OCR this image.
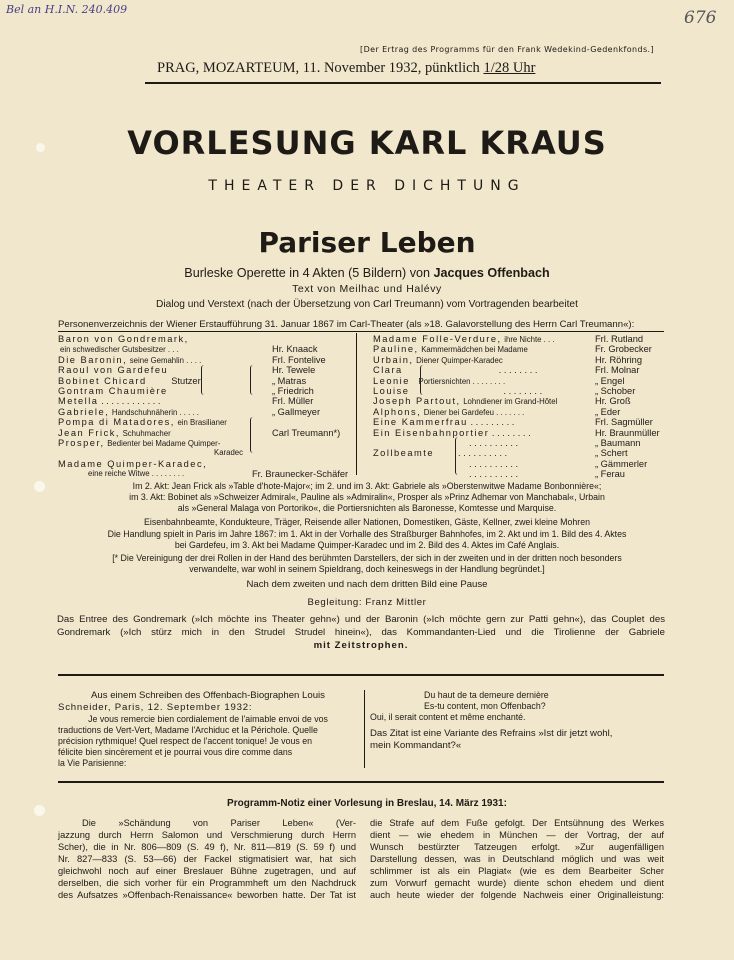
Bel an H.I.N. 240.409	676
[Der Ertrag des Programms für den Frank Wedekind-Gedenkfonds.]
PRAG, MOZARTEUM, 11. November 1932, pünktlich 1/28 Uhr
VORLESUNG KARL KRAUS
THEATER DER DICHTUNG
Pariser Leben
Burleske Operette in 4 Akten (5 Bildern) von Jacques Offenbach
Text von Meilhac und Halévy
Dialog und Verstext (nach der Übersetzung von Carl Treumann) vom Vortragenden bearbeitet
Personenverzeichnis der Wiener Erstaufführung 31. Januar 1867 im Carl-Theater (als »18. Galavorstellung des Herrn Carl Treumann«):
Baron von Gondremark,
ein schwedischer Gutsbesitzer . . .	Hr. Knaack
Die Baronin, seine Gemahlin . . . .	Frl. Fontelive
Raoul von Gardefeu	Hr. Tewele
Bobinet Chicard	Stutzer	„ Matras
Gontram Chaumière	„ Friedrich
Metella . . . . . . . . . . . .	Frl. Müller
Gabriele, Handschuhnäherin . . . . .	„ Gallmeyer
Pompa di Matadores, ein Brasilianer
Jean Frick, Schuhmacher	Carl Treumann*)
Prosper, Bedienter bei Madame Quimper-
Karadec
Madame Quimper-Karadec,
eine reiche Witwe . . . . . . . .	Fr. Braunecker-Schäfer
Madame Folle-Verdure, ihre Nichte . . .	Frl. Rutland
Pauline, Kammermädchen bei Madame	Fr. Grobecker
Urbain, Diener Quimper-Karadec	Hr. Röhring
Clara	. . . . . . . .	Frl. Molnar
Leonie Portiersnichten . . . . . . . .	„ Engel
Louise	. . . . . . . .	„ Schober
Joseph Partout, Lohndiener im Grand-Hôtel	Hr. Groß
Alphons, Diener bei Gardefeu . . . . . . .	„ Eder
Eine Kammerfrau . . . . . . . . .	Frl. Sagmüller
Ein Eisenbahnportier . . . . . . . .	Hr. Braunmüller
. . . . . . . . . .	„ Baumann
Zollbeamte	. . . . . . . . . .	„ Schert
. . . . . . . . . .	„ Gämmerler
. . . . . . . . . .	„ Ferau
Im 2. Akt: Jean Frick als »Table d'hote-Major«; im 2. und im 3. Akt: Gabriele als »Oberstenwitwe Madame Bonbonnière«;
im 3. Akt: Bobinet als »Schweizer Admiral«, Pauline als »Admiralin«, Prosper als »Prinz Adhemar von Manchabal«, Urbain
als »General Malaga von Portoriko«, die Portiersnichten als Baronesse, Komtesse und Marquise.
Eisenbahnbeamte, Kondukteure, Träger, Reisende aller Nationen, Domestiken, Gäste, Kellner, zwei kleine Mohren
Die Handlung spielt in Paris im Jahre 1867: im 1. Akt in der Vorhalle des Straßburger Bahnhofes, im 2. Akt und im 1. Bild des 4. Aktes
bei Gardefeu, im 3. Akt bei Madame Quimper-Karadec und im 2. Bild des 4. Aktes im Café Anglais.
[* Die Vereinigung der drei Rollen in der Hand des berühmten Darstellers, der sich in der zweiten und in der dritten noch besonders
verwandelte, war wohl in seinem Spieldrang, doch keineswegs in der Handlung begründet.]
Nach dem zweiten und nach dem dritten Bild eine Pause
Begleitung: Franz Mittler
Das Entree des Gondremark (»Ich möchte ins Theater gehn«) und der Baronin (»Ich möchte gern zur Patti gehn«), das Couplet des
Gondremark (»Ich stürz mich in den Strudel Strudel hinein«), das Kommandanten-Lied und die Tirolienne der Gabriele
mit Zeitstrophen.
Aus einem Schreiben des Offenbach-Biographen Louis
Schneider, Paris, 12. September 1932:
Je vous remercie bien cordialement de l'aimable envoi de vos
traductions de Vert-Vert, Madame l'Archiduc et la Périchole. Quelle
précision rythmique! Quel respect de l'accent tonique! Je vous en
félicite bien sincèrement et je pourrai vous dire comme dans
la Vie Parisienne:
Du haut de ta demeure dernière
Es-tu content, mon Offenbach?
Oui, il serait content et même enchanté.
Das Zitat ist eine Variante des Refrains »Ist dir jetzt wohl,
mein Kommandant?«
Programm-Notiz einer Vorlesung in Breslau, 14. März 1931:
Die »Schändung von Pariser Leben« (Ver-
jazzung durch Herrn Salomon und Verschmierung durch Herrn
Scher), die in Nr. 806—809 (S. 49 f), Nr. 811—819 (S. 59 f) und
Nr. 827—833 (S. 53—66) der Fackel stigmatisiert war, hat sich
gleichwohl noch auf einer Breslauer Bühne zugetragen, und auf
derselben, die sich vorher für ein Programmheft um den Nachdruck
des Aufsatzes »Offenbach-Renaissance« beworben hatte. Der Tat ist
die Strafe auf dem Fuße gefolgt. Der Entsühnung des Werkes
dient — wie ehedem in München — der Vortrag, der auf
Wunsch bestürzter Tatzeugen erfolgt. »Zur augenfälligen
Darstellung dessen, was in Deutschland möglich und was weit
schlimmer ist als ein Plagiat« (wie es dem Bearbeiter Scher
zum Vorwurf gemacht wurde) diente schon ehedem und dient
auch heute wieder der folgende Nachweis einer Originalleistung:
